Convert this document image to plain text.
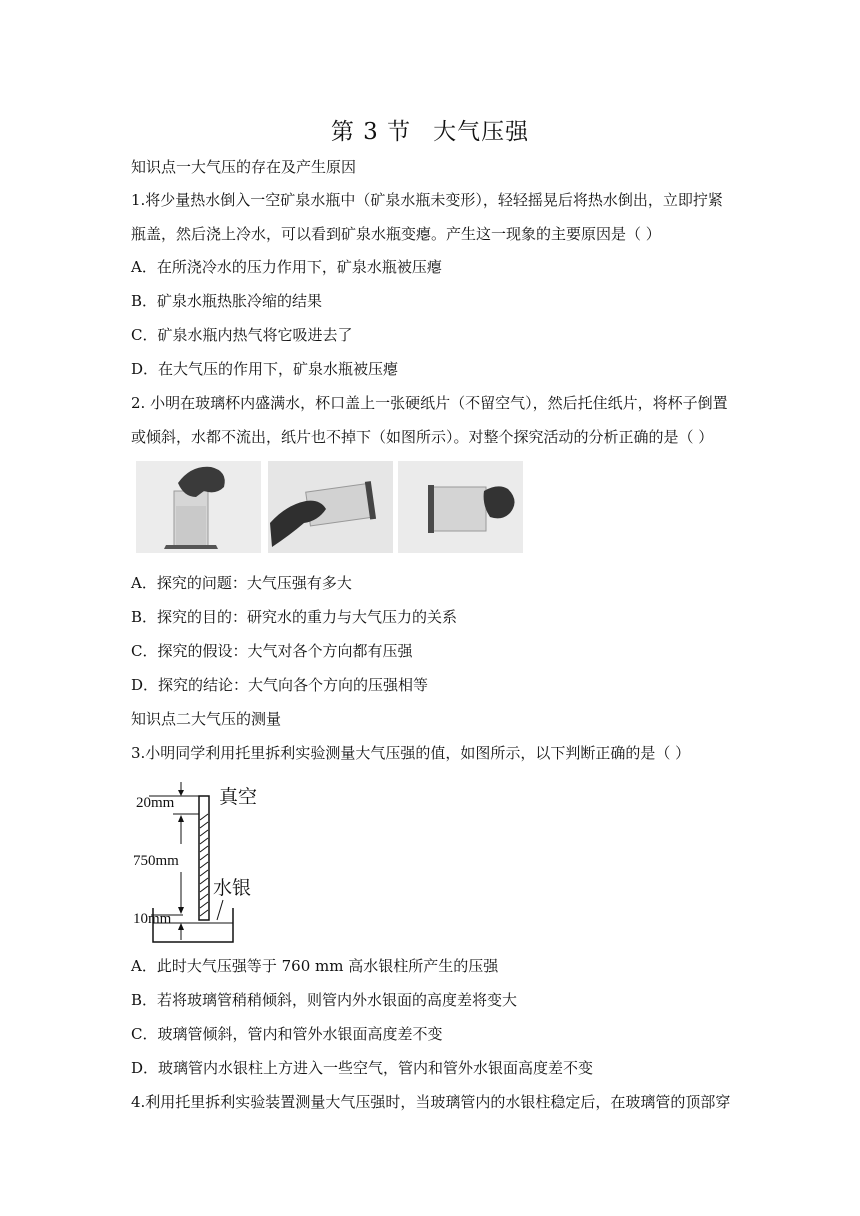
第 3 节 大气压强
知识点一大气压的存在及产生原因
1.将少量热水倒入一空矿泉水瓶中（矿泉水瓶未变形），轻轻摇晃后将热水倒出，立即拧紧
瓶盖，然后浇上冷水，可以看到矿泉水瓶变瘪。产生这一现象的主要原因是（ ）
A．在所浇冷水的压力作用下，矿泉水瓶被压瘪
B．矿泉水瓶热胀冷缩的结果
C．矿泉水瓶内热气将它吸进去了
D．在大气压的作用下，矿泉水瓶被压瘪
2. 小明在玻璃杯内盛满水，杯口盖上一张硬纸片（不留空气），然后托住纸片，将杯子倒置
或倾斜，水都不流出，纸片也不掉下（如图所示）。对整个探究活动的分析正确的是（ ）
A．探究的问题：大气压强有多大
B．探究的目的：研究水的重力与大气压力的关系
C．探究的假设：大气对各个方向都有压强
D．探究的结论：大气向各个方向的压强相等
知识点二大气压的测量
3.小明同学利用托里拆利实验测量大气压强的值，如图所示，以下判断正确的是（ ）
20mm 真空
750mm
水银
10mm
A．此时大气压强等于 760 mm 高水银柱所产生的压强
B．若将玻璃管稍稍倾斜，则管内外水银面的高度差将变大
C．玻璃管倾斜，管内和管外水银面高度差不变
D．玻璃管内水银柱上方进入一些空气，管内和管外水银面高度差不变
4.利用托里拆利实验装置测量大气压强时，当玻璃管内的水银柱稳定后，在玻璃管的顶部穿
